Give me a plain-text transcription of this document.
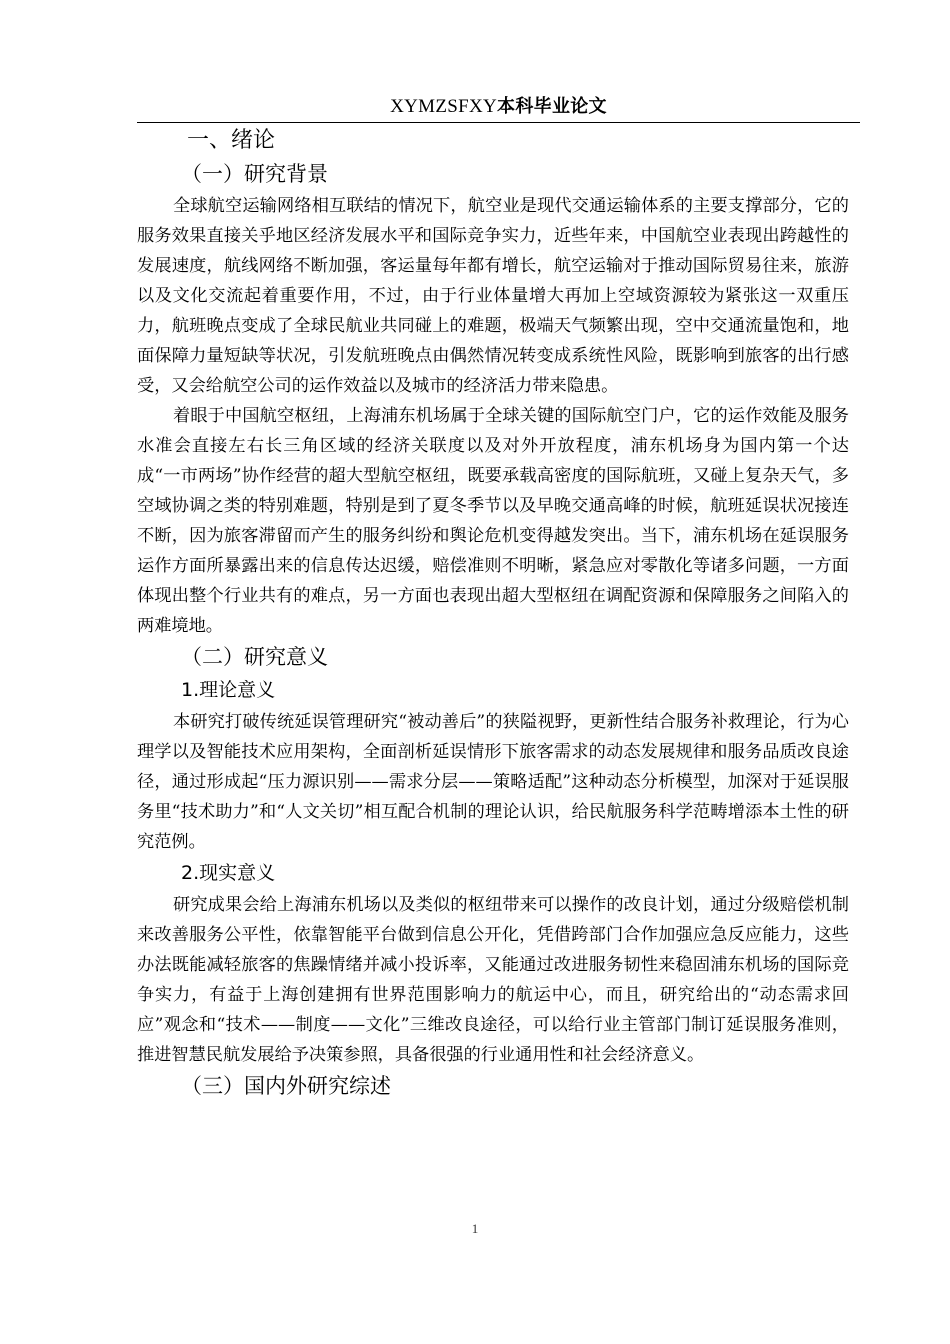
XYMZSFXY本科毕业论文
一、绪论
（一）研究背景

全球航空运输网络相互联结的情况下，航空业是现代交通运输体系的主要支撑部分，它的服务效果直接关乎地区经济发展水平和国际竞争实力，近些年来，中国航空业表现出跨越性的发展速度，航线网络不断加强，客运量每年都有增长，航空运输对于推动国际贸易往来，旅游以及文化交流起着重要作用，不过，由于行业体量增大再加上空域资源较为紧张这一双重压力，航班晚点变成了全球民航业共同碰上的难题，极端天气频繁出现，空中交通流量饱和，地面保障力量短缺等状况，引发航班晚点由偶然情况转变成系统性风险，既影响到旅客的出行感受，又会给航空公司的运作效益以及城市的经济活力带来隐患。

着眼于中国航空枢纽，上海浦东机场属于全球关键的国际航空门户，它的运作效能及服务水准会直接左右长三角区域的经济关联度以及对外开放程度，浦东机场身为国内第一个达成“一市两场”协作经营的超大型航空枢纽，既要承载高密度的国际航班，又碰上复杂天气，多空域协调之类的特别难题，特别是到了夏冬季节以及早晚交通高峰的时候，航班延误状况接连不断，因为旅客滞留而产生的服务纠纷和舆论危机变得越发突出。当下，浦东机场在延误服务运作方面所暴露出来的信息传达迟缓，赔偿准则不明晰，紧急应对零散化等诸多问题，一方面体现出整个行业共有的难点，另一方面也表现出超大型枢纽在调配资源和保障服务之间陷入的两难境地。

（二）研究意义
1.理论意义

本研究打破传统延误管理研究“被动善后”的狭隘视野，更新性结合服务补救理论，行为心理学以及智能技术应用架构，全面剖析延误情形下旅客需求的动态发展规律和服务品质改良途径，通过形成起“压力源识别——需求分层——策略适配”这种动态分析模型，加深对于延误服务里“技术助力”和“人文关切”相互配合机制的理论认识，给民航服务科学范畴增添本土性的研究范例。

2.现实意义

研究成果会给上海浦东机场以及类似的枢纽带来可以操作的改良计划，通过分级赔偿机制来改善服务公平性，依靠智能平台做到信息公开化，凭借跨部门合作加强应急反应能力，这些办法既能减轻旅客的焦躁情绪并减小投诉率，又能通过改进服务韧性来稳固浦东机场的国际竞争实力，有益于上海创建拥有世界范围影响力的航运中心，而且，研究给出的“动态需求回应”观念和“技术——制度——文化”三维改良途径，可以给行业主管部门制订延误服务准则，推进智慧民航发展给予决策参照，具备很强的行业通用性和社会经济意义。

（三）国内外研究综述
1
